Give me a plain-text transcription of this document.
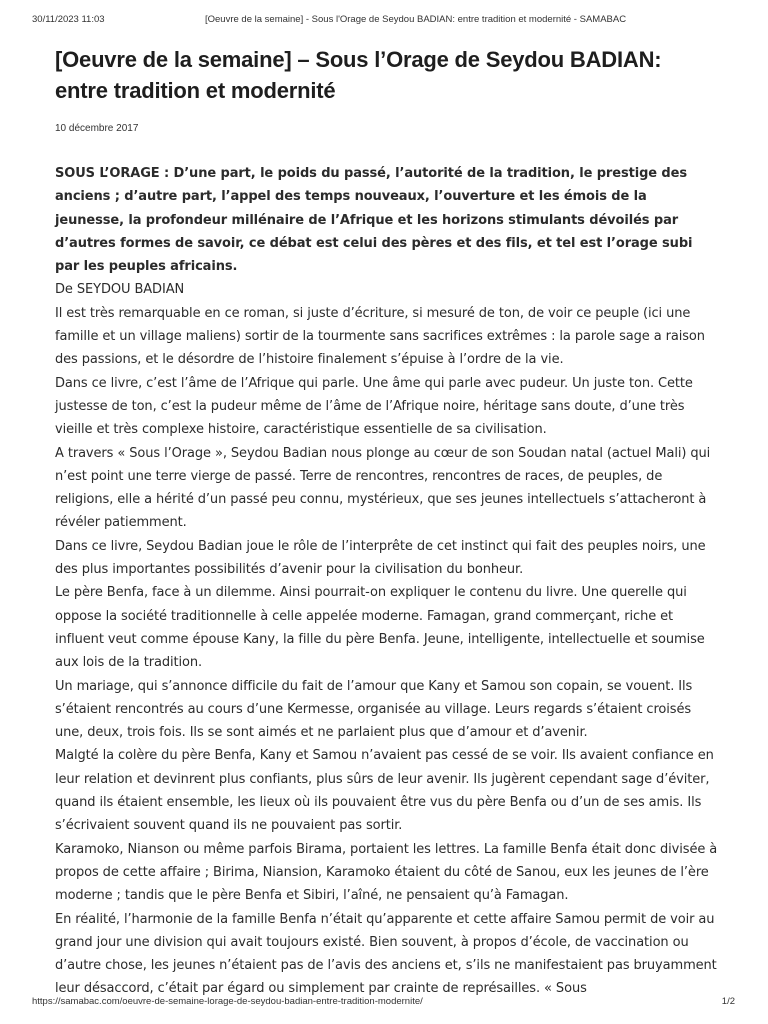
30/11/2023 11:03	[Oeuvre de la semaine] - Sous l'Orage de Seydou BADIAN: entre tradition et modernité - SAMABAC
[Oeuvre de la semaine] – Sous l’Orage de Seydou BADIAN: entre tradition et modernité
10 décembre 2017

SOUS L’ORAGE : D’une part, le poids du passé, l’autorité de la tradition, le prestige des anciens ; d’autre part, l’appel des temps nouveaux, l’ouverture et les émois de la jeunesse, la profondeur millénaire de l’Afrique et les horizons stimulants dévoilés par d’autres formes de savoir, ce débat est celui des pères et des fils, et tel est l’orage subi par les peuples africains.

De SEYDOU BADIAN

Il est très remarquable en ce roman, si juste d’écriture, si mesuré de ton, de voir ce peuple (ici une famille et un village maliens) sortir de la tourmente sans sacrifices extrêmes : la parole sage a raison des passions, et le désordre de l’histoire finalement s’épuise à l’ordre de la vie.

Dans ce livre, c’est l’âme de l’Afrique qui parle. Une âme qui parle avec pudeur. Un juste ton. Cette justesse de ton, c’est la pudeur même de l’âme de l’Afrique noire, héritage sans doute, d’une très vieille et très complexe histoire, caractéristique essentielle de sa civilisation.

A travers « Sous l’Orage », Seydou Badian nous plonge au cœur de son Soudan natal (actuel Mali) qui n’est point une terre vierge de passé. Terre de rencontres, rencontres de races, de peuples, de religions, elle a hérité d’un passé peu connu, mystérieux, que ses jeunes intellectuels s’attacheront à révéler patiemment.

Dans ce livre, Seydou Badian joue le rôle de l’interprête de cet instinct qui fait des peuples noirs, une des plus importantes possibilités d’avenir pour la civilisation du bonheur.

Le père Benfa, face à un dilemme. Ainsi pourrait-on expliquer le contenu du livre. Une querelle qui oppose la société traditionnelle à celle appelée moderne. Famagan, grand commerçant, riche et influent veut comme épouse Kany, la fille du père Benfa. Jeune, intelligente, intellectuelle et soumise aux lois de la tradition.

Un mariage, qui s’annonce difficile du fait de l’amour que Kany et Samou son copain, se vouent. Ils s’étaient rencontrés au cours d’une Kermesse, organisée au village. Leurs regards s’étaient croisés une, deux, trois fois. Ils se sont aimés et ne parlaient plus que d’amour et d’avenir.

Malgté la colère du père Benfa, Kany et Samou n’avaient pas cessé de se voir. Ils avaient confiance en leur relation et devinrent plus confiants, plus sûrs de leur avenir. Ils jugèrent cependant sage d’éviter, quand ils étaient ensemble, les lieux où ils pouvaient être vus du père Benfa ou d’un de ses amis. Ils s’écrivaient souvent quand ils ne pouvaient pas sortir.

Karamoko, Nianson ou même parfois Birama, portaient les lettres. La famille Benfa était donc divisée à propos de cette affaire ; Birima, Niansion, Karamoko étaient du côté de Sanou, eux les jeunes de l’ère moderne ; tandis que le père Benfa et Sibiri, l’aîné, ne pensaient qu’à Famagan.

En réalité, l’harmonie de la famille Benfa n’était qu’apparente et cette affaire Samou permit de voir au grand jour une division qui avait toujours existé. Bien souvent, à propos d’école, de vaccination ou d’autre chose, les jeunes n’étaient pas de l’avis des anciens et, s’ils ne manifestaient pas bruyamment leur désaccord, c’était par égard ou simplement par crainte de représailles. « Sous

https://samabac.com/oeuvre-de-semaine-lorage-de-seydou-badian-entre-tradition-modernite/	1/2
